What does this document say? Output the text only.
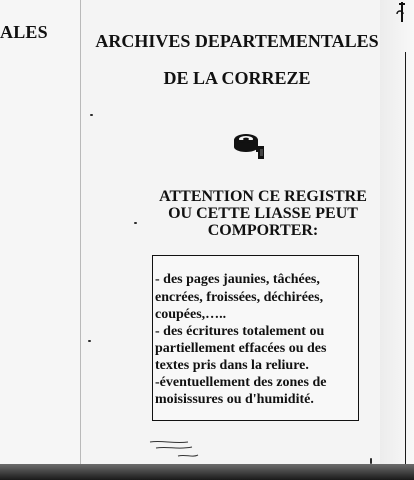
ALES	ARCHIVES DEPARTEMENTALES
DE LA CORREZE
ATTENTION CE REGISTRE
OU CETTE LIASSE PEUT
COMPORTER:
- des pages jaunies, tâchées,
encrées, froissées, déchirées,
coupées,…..
- des écritures totalement ou
partiellement effacées ou des
textes pris dans la reliure.
-éventuellement des zones de
moisissures ou d'humidité.
